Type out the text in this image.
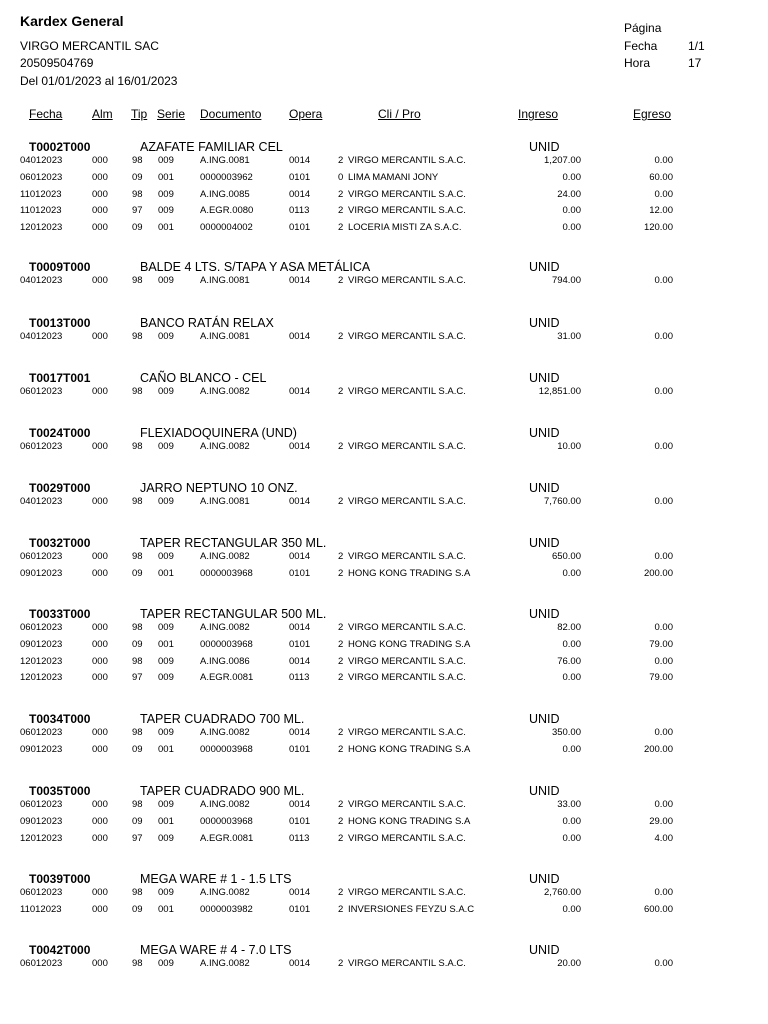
Kardex General
VIRGO MERCANTIL SAC
20509504769
Del 01/01/2023 al 16/01/2023
Página
Fecha	1/1
Hora	17
Fecha Alm Tip Serie Documento Opera	Cli / Pro	Ingreso	Egreso
T0002T000	AZAFATE FAMILIAR CEL	UNID
04012023	000	98	009	A.ING.0081	0014	2 VIRGO MERCANTIL S.A.C.	1,207.00	0.00
06012023	000	09	001	0000003962	0101	0 LIMA MAMANI JONY	0.00	60.00
11012023	000	98	009	A.ING.0085	0014	2 VIRGO MERCANTIL S.A.C.	24.00	0.00
11012023	000	97	009	A.EGR.0080	0113	2 VIRGO MERCANTIL S.A.C.	0.00	12.00
12012023	000	09	001	0000004002	0101	2 LOCERIA MISTI ZA S.A.C.	0.00	120.00
T0009T000	BALDE 4 LTS. S/TAPA Y ASA METÁLICA	UNID
04012023	000	98	009	A.ING.0081	0014	2 VIRGO MERCANTIL S.A.C.	794.00	0.00
T0013T000	BANCO RATÁN RELAX	UNID
04012023	000	98	009	A.ING.0081	0014	2 VIRGO MERCANTIL S.A.C.	31.00	0.00
T0017T001	CAÑO BLANCO - CEL	UNID
06012023	000	98	009	A.ING.0082	0014	2 VIRGO MERCANTIL S.A.C.	12,851.00	0.00
T0024T000	FLEXIADOQUINERA (UND)	UNID
06012023	000	98	009	A.ING.0082	0014	2 VIRGO MERCANTIL S.A.C.	10.00	0.00
T0029T000	JARRO NEPTUNO 10 ONZ.	UNID
04012023	000	98	009	A.ING.0081	0014	2 VIRGO MERCANTIL S.A.C.	7,760.00	0.00
T0032T000	TAPER RECTANGULAR 350 ML.	UNID
06012023	000	98	009	A.ING.0082	0014	2 VIRGO MERCANTIL S.A.C.	650.00	0.00
09012023	000	09	001	0000003968	0101	2 HONG KONG TRADING S.A	0.00	200.00
T0033T000	TAPER RECTANGULAR 500 ML.	UNID
06012023	000	98	009	A.ING.0082	0014	2 VIRGO MERCANTIL S.A.C.	82.00	0.00
09012023	000	09	001	0000003968	0101	2 HONG KONG TRADING S.A	0.00	79.00
12012023	000	98	009	A.ING.0086	0014	2 VIRGO MERCANTIL S.A.C.	76.00	0.00
12012023	000	97	009	A.EGR.0081	0113	2 VIRGO MERCANTIL S.A.C.	0.00	79.00
T0034T000	TAPER CUADRADO 700 ML.	UNID
06012023	000	98	009	A.ING.0082	0014	2 VIRGO MERCANTIL S.A.C.	350.00	0.00
09012023	000	09	001	0000003968	0101	2 HONG KONG TRADING S.A	0.00	200.00
T0035T000	TAPER CUADRADO 900 ML.	UNID
06012023	000	98	009	A.ING.0082	0014	2 VIRGO MERCANTIL S.A.C.	33.00	0.00
09012023	000	09	001	0000003968	0101	2 HONG KONG TRADING S.A	0.00	29.00
12012023	000	97	009	A.EGR.0081	0113	2 VIRGO MERCANTIL S.A.C.	0.00	4.00
T0039T000	MEGA WARE # 1 - 1.5 LTS	UNID
06012023	000	98	009	A.ING.0082	0014	2 VIRGO MERCANTIL S.A.C.	2,760.00	0.00
11012023	000	09	001	0000003982	0101	2 INVERSIONES FEYZU S.A.C	0.00	600.00
T0042T000	MEGA WARE # 4 - 7.0 LTS	UNID
06012023	000	98	009	A.ING.0082	0014	2 VIRGO MERCANTIL S.A.C.	20.00	0.00
